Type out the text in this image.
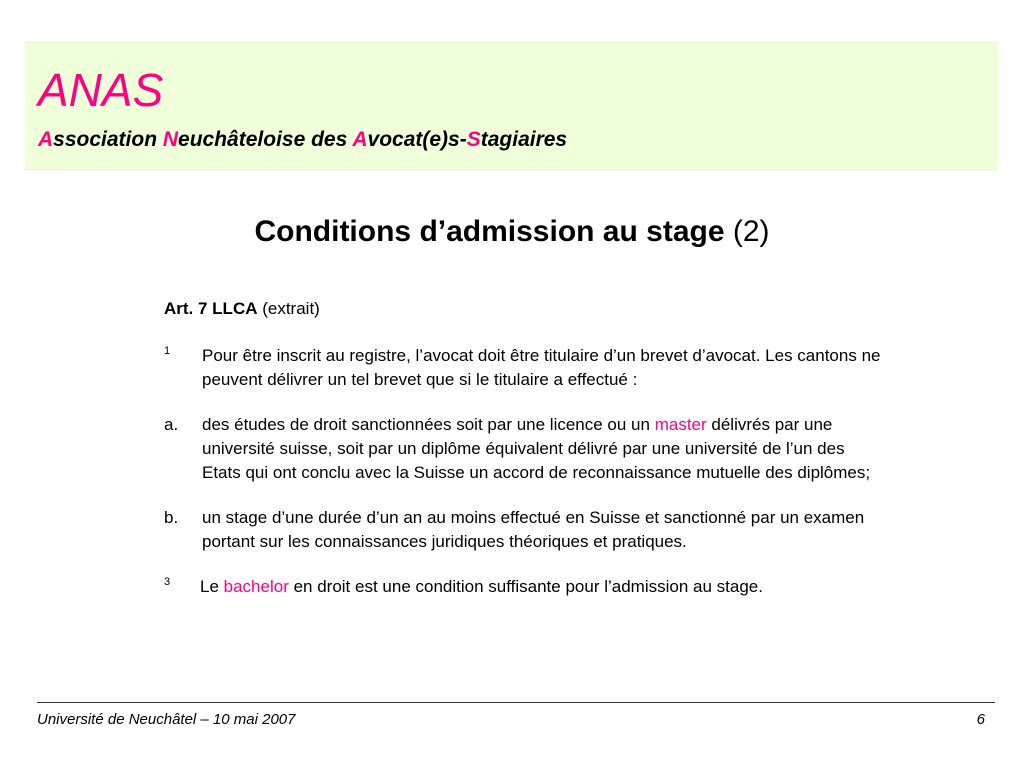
ANAS
Association Neuchâteloise des Avocat(e)s-Stagiaires
Conditions d’admission au stage (2)

Art. 7 LLCA (extrait)

1 Pour être inscrit au registre, l’avocat doit être titulaire d’un brevet d’avocat. Les cantons ne peuvent délivrer un tel brevet que si le titulaire a effectué :
a. des études de droit sanctionnées soit par une licence ou un master délivrés par une université suisse, soit par un diplôme équivalent délivré par une université de l’un des Etats qui ont conclu avec la Suisse un accord de reconnaissance mutuelle des diplômes;
b. un stage d’une durée d’un an au moins effectué en Suisse et sanctionné par un examen portant sur les connaissances juridiques théoriques et pratiques.
3 Le bachelor en droit est une condition suffisante pour l’admission au stage.
Université de Neuchâtel – 10 mai 2007	6
